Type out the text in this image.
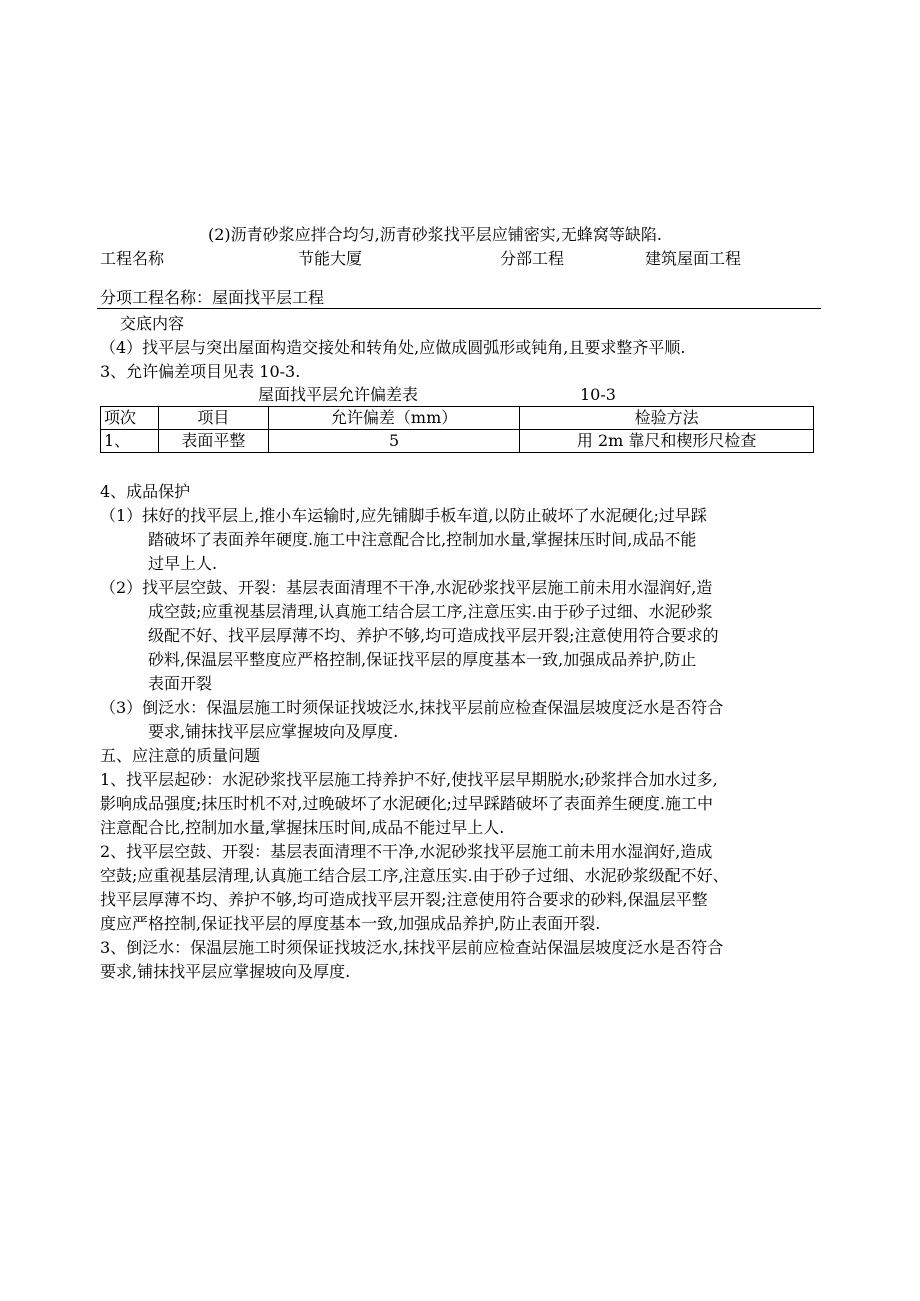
(2)沥青砂浆应拌合均匀,沥青砂浆找平层应铺密实,无蜂窝等缺陷.
工程名称	节能大厦	分部工程	建筑屋面工程
分项工程名称：屋面找平层工程
交底内容
（4）找平层与突出屋面构造交接处和转角处,应做成圆弧形或钝角,且要求整齐平顺.
3、允许偏差项目见表 10-3.
屋面找平层允许偏差表	10-3
项次	项目	允许偏差（mm）	检验方法
1、	表面平整	5	用 2m 靠尺和楔形尺检查
4、成品保护
（1）抹好的找平层上,推小车运输时,应先铺脚手板车道,以防止破坏了水泥硬化;过早踩
踏破坏了表面养年硬度.施工中注意配合比,控制加水量,掌握抹压时间,成品不能
过早上人.
（2）找平层空鼓、开裂：基层表面清理不干净,水泥砂浆找平层施工前未用水湿润好,造
成空鼓;应重视基层清理,认真施工结合层工序,注意压实.由于砂子过细、水泥砂浆
级配不好、找平层厚薄不均、养护不够,均可造成找平层开裂;注意使用符合要求的
砂料,保温层平整度应严格控制,保证找平层的厚度基本一致,加强成品养护,防止
表面开裂
（3）倒泛水：保温层施工时须保证找坡泛水,抹找平层前应检查保温层坡度泛水是否符合
要求,铺抹找平层应掌握坡向及厚度.
五、应注意的质量问题
1、找平层起砂：水泥砂浆找平层施工持养护不好,使找平层早期脱水;砂浆拌合加水过多,
影响成品强度;抹压时机不对,过晚破坏了水泥硬化;过早踩踏破坏了表面养生硬度.施工中
注意配合比,控制加水量,掌握抹压时间,成品不能过早上人.
2、找平层空鼓、开裂：基层表面清理不干净,水泥砂浆找平层施工前未用水湿润好,造成
空鼓;应重视基层清理,认真施工结合层工序,注意压实.由于砂子过细、水泥砂浆级配不好、
找平层厚薄不均、养护不够,均可造成找平层开裂;注意使用符合要求的砂料,保温层平整
度应严格控制,保证找平层的厚度基本一致,加强成品养护,防止表面开裂.
3、倒泛水：保温层施工时须保证找坡泛水,抹找平层前应检查站保温层坡度泛水是否符合
要求,铺抹找平层应掌握坡向及厚度.
